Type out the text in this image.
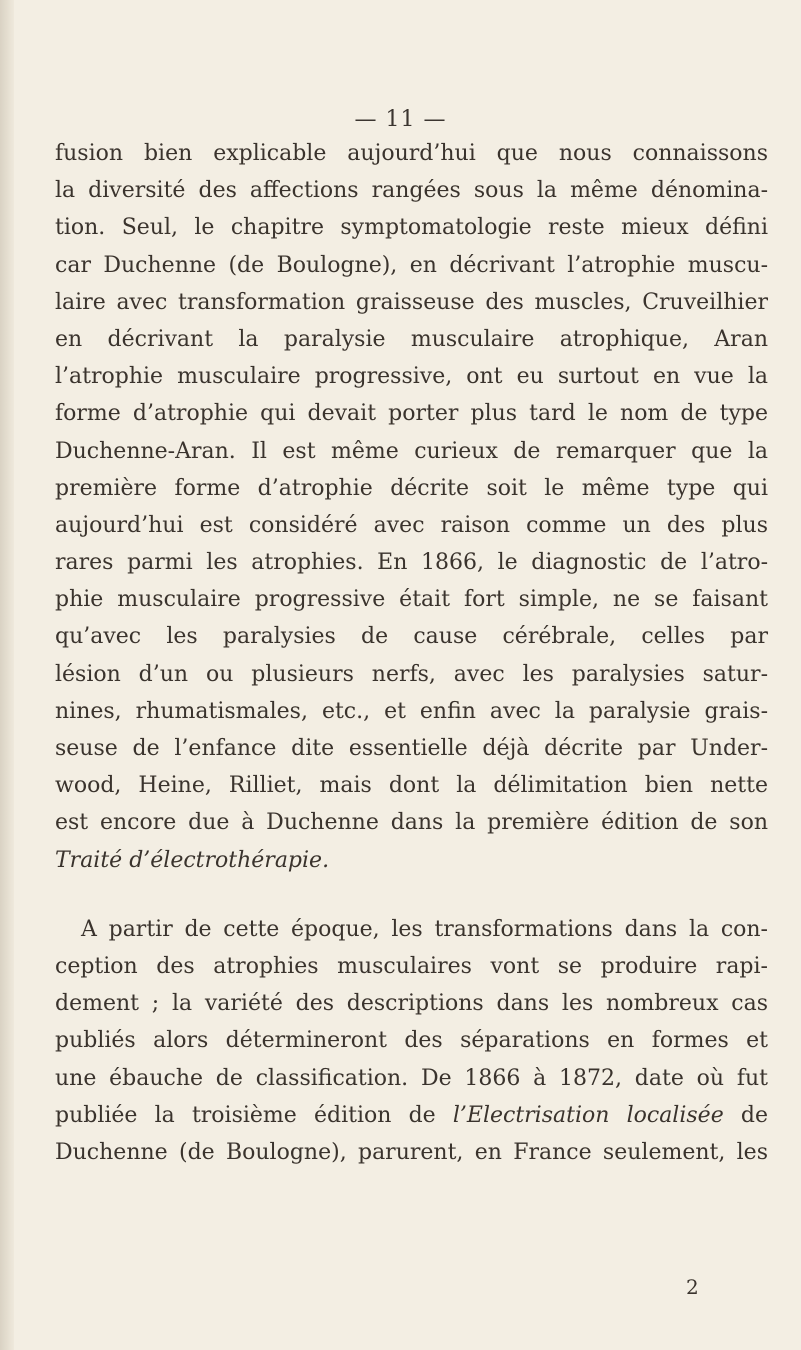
— 11 —
fusion bien explicable aujourd’hui que nous connaissons
la diversité des affections rangées sous la même dénomina-
tion. Seul, le chapitre symptomatologie reste mieux défini
car Duchenne (de Boulogne), en décrivant l’atrophie muscu-
laire avec transformation graisseuse des muscles, Cruveilhier
en décrivant la paralysie musculaire atrophique, Aran
l’atrophie musculaire progressive, ont eu surtout en vue la
forme d’atrophie qui devait porter plus tard le nom de type
Duchenne-Aran. Il est même curieux de remarquer que la
première forme d’atrophie décrite soit le même type qui
aujourd’hui est considéré avec raison comme un des plus
rares parmi les atrophies. En 1866, le diagnostic de l’atro-
phie musculaire progressive était fort simple, ne se faisant
qu’avec les paralysies de cause cérébrale, celles par
lésion d’un ou plusieurs nerfs, avec les paralysies satur-
nines, rhumatismales, etc., et enfin avec la paralysie grais-
seuse de l’enfance dite essentielle déjà décrite par Under-
wood, Heine, Rilliet, mais dont la délimitation bien nette
est encore due à Duchenne dans la première édition de son
Traité d’électrothérapie.
A partir de cette époque, les transformations dans la con-
ception des atrophies musculaires vont se produire rapi-
dement ; la variété des descriptions dans les nombreux cas
publiés alors détermineront des séparations en formes et
une ébauche de classification. De 1866 à 1872, date où fut
publiée la troisième édition de l’Electrisation localisée de
Duchenne (de Boulogne), parurent, en France seulement, les
2
